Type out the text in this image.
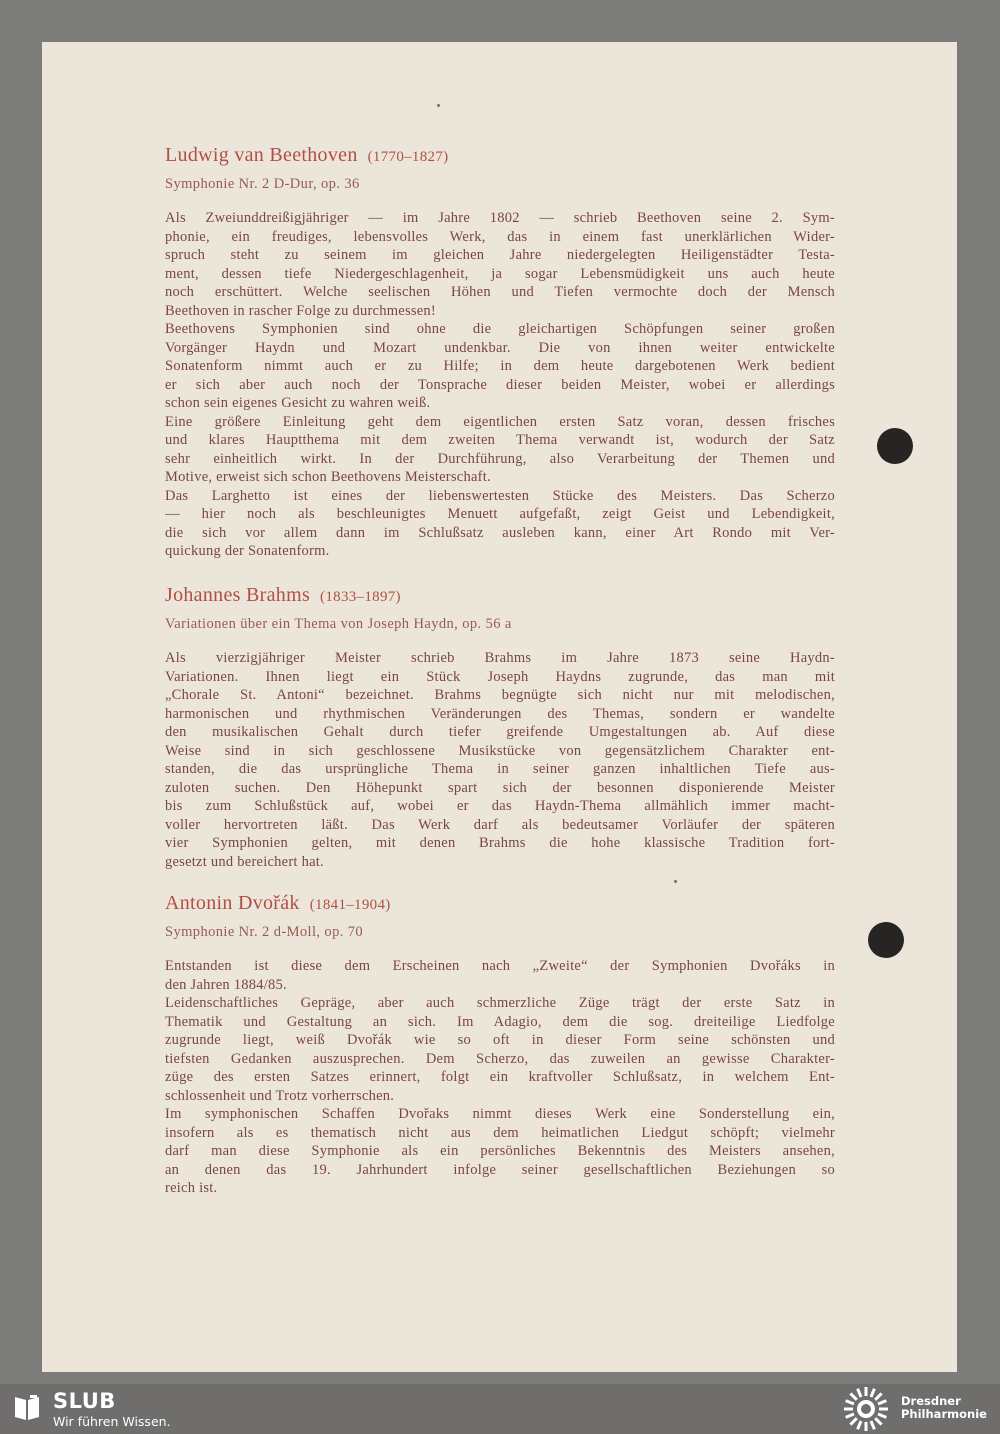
Ludwig van Beethoven (1770–1827)
Symphonie Nr. 2 D-Dur, op. 36
Als Zweiunddreißigjähriger — im Jahre 1802 — schrieb Beethoven seine 2. Sym-
phonie, ein freudiges, lebensvolles Werk, das in einem fast unerklärlichen Wider-
spruch steht zu seinem im gleichen Jahre niedergelegten Heiligenstädter Testa-
ment, dessen tiefe Niedergeschlagenheit, ja sogar Lebensmüdigkeit uns auch heute
noch erschüttert. Welche seelischen Höhen und Tiefen vermochte doch der Mensch
Beethoven in rascher Folge zu durchmessen!
Beethovens Symphonien sind ohne die gleichartigen Schöpfungen seiner großen
Vorgänger Haydn und Mozart undenkbar. Die von ihnen weiter entwickelte
Sonatenform nimmt auch er zu Hilfe; in dem heute dargebotenen Werk bedient
er sich aber auch noch der Tonsprache dieser beiden Meister, wobei er allerdings
schon sein eigenes Gesicht zu wahren weiß.
Eine größere Einleitung geht dem eigentlichen ersten Satz voran, dessen frisches
und klares Hauptthema mit dem zweiten Thema verwandt ist, wodurch der Satz
sehr einheitlich wirkt. In der Durchführung, also Verarbeitung der Themen und
Motive, erweist sich schon Beethovens Meisterschaft.
Das Larghetto ist eines der liebenswertesten Stücke des Meisters. Das Scherzo
— hier noch als beschleunigtes Menuett aufgefaßt, zeigt Geist und Lebendigkeit,
die sich vor allem dann im Schlußsatz ausleben kann, einer Art Rondo mit Ver-
quickung der Sonatenform.
Johannes Brahms (1833–1897)
Variationen über ein Thema von Joseph Haydn, op. 56 a
Als vierzigjähriger Meister schrieb Brahms im Jahre 1873 seine Haydn-
Variationen. Ihnen liegt ein Stück Joseph Haydns zugrunde, das man mit
„Chorale St. Antoni“ bezeichnet. Brahms begnügte sich nicht nur mit melodischen,
harmonischen und rhythmischen Veränderungen des Themas, sondern er wandelte
den musikalischen Gehalt durch tiefer greifende Umgestaltungen ab. Auf diese
Weise sind in sich geschlossene Musikstücke von gegensätzlichem Charakter ent-
standen, die das ursprüngliche Thema in seiner ganzen inhaltlichen Tiefe aus-
zuloten suchen. Den Höhepunkt spart sich der besonnen disponierende Meister
bis zum Schlußstück auf, wobei er das Haydn-Thema allmählich immer macht-
voller hervortreten läßt. Das Werk darf als bedeutsamer Vorläufer der späteren
vier Symphonien gelten, mit denen Brahms die hohe klassische Tradition fort-
gesetzt und bereichert hat.
Antonin Dvořák (1841–1904)
Symphonie Nr. 2 d-Moll, op. 70
Entstanden ist diese dem Erscheinen nach „Zweite“ der Symphonien Dvořáks in
den Jahren 1884/85.
Leidenschaftliches Gepräge, aber auch schmerzliche Züge trägt der erste Satz in
Thematik und Gestaltung an sich. Im Adagio, dem die sog. dreiteilige Liedfolge
zugrunde liegt, weiß Dvořák wie so oft in dieser Form seine schönsten und
tiefsten Gedanken auszusprechen. Dem Scherzo, das zuweilen an gewisse Charakter-
züge des ersten Satzes erinnert, folgt ein kraftvoller Schlußsatz, in welchem Ent-
schlossenheit und Trotz vorherrschen.
Im symphonischen Schaffen Dvořaks nimmt dieses Werk eine Sonderstellung ein,
insofern als es thematisch nicht aus dem heimatlichen Liedgut schöpft; vielmehr
darf man diese Symphonie als ein persönliches Bekenntnis des Meisters ansehen,
an denen das 19. Jahrhundert infolge seiner gesellschaftlichen Beziehungen so
reich ist.
SLUB
Wir führen Wissen.
Dresdner
Philharmonie
